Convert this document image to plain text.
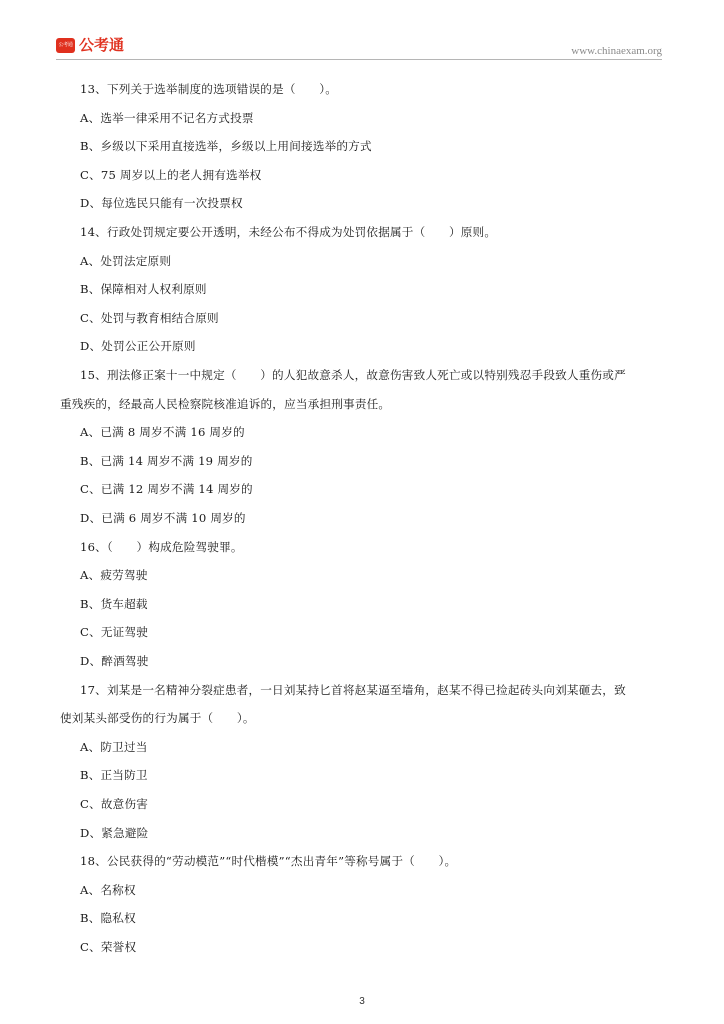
公考通 公考通	www.chinaexam.org
13、下列关于选举制度的选项错误的是（　　）。
A、选举一律采用不记名方式投票
B、乡级以下采用直接选举，乡级以上用间接选举的方式
C、75 周岁以上的老人拥有选举权
D、每位选民只能有一次投票权
14、行政处罚规定要公开透明，未经公布不得成为处罚依据属于（　　）原则。
A、处罚法定原则
B、保障相对人权利原则
C、处罚与教育相结合原则
D、处罚公正公开原则
15、刑法修正案十一中规定（　　）的人犯故意杀人，故意伤害致人死亡或以特别残忍手段致人重伤或严
重残疾的，经最高人民检察院核准追诉的，应当承担刑事责任。
A、已满 8 周岁不满 16 周岁的
B、已满 14 周岁不满 19 周岁的
C、已满 12 周岁不满 14 周岁的
D、已满 6 周岁不满 10 周岁的
16、（　　）构成危险驾驶罪。
A、疲劳驾驶
B、货车超载
C、无证驾驶
D、醉酒驾驶
17、刘某是一名精神分裂症患者，一日刘某持匕首将赵某逼至墙角，赵某不得已捡起砖头向刘某砸去，致
使刘某头部受伤的行为属于（　　）。
A、防卫过当
B、正当防卫
C、故意伤害
D、紧急避险
18、公民获得的“劳动模范”“时代楷模”“杰出青年”等称号属于（　　）。
A、名称权
B、隐私权
C、荣誉权
3
